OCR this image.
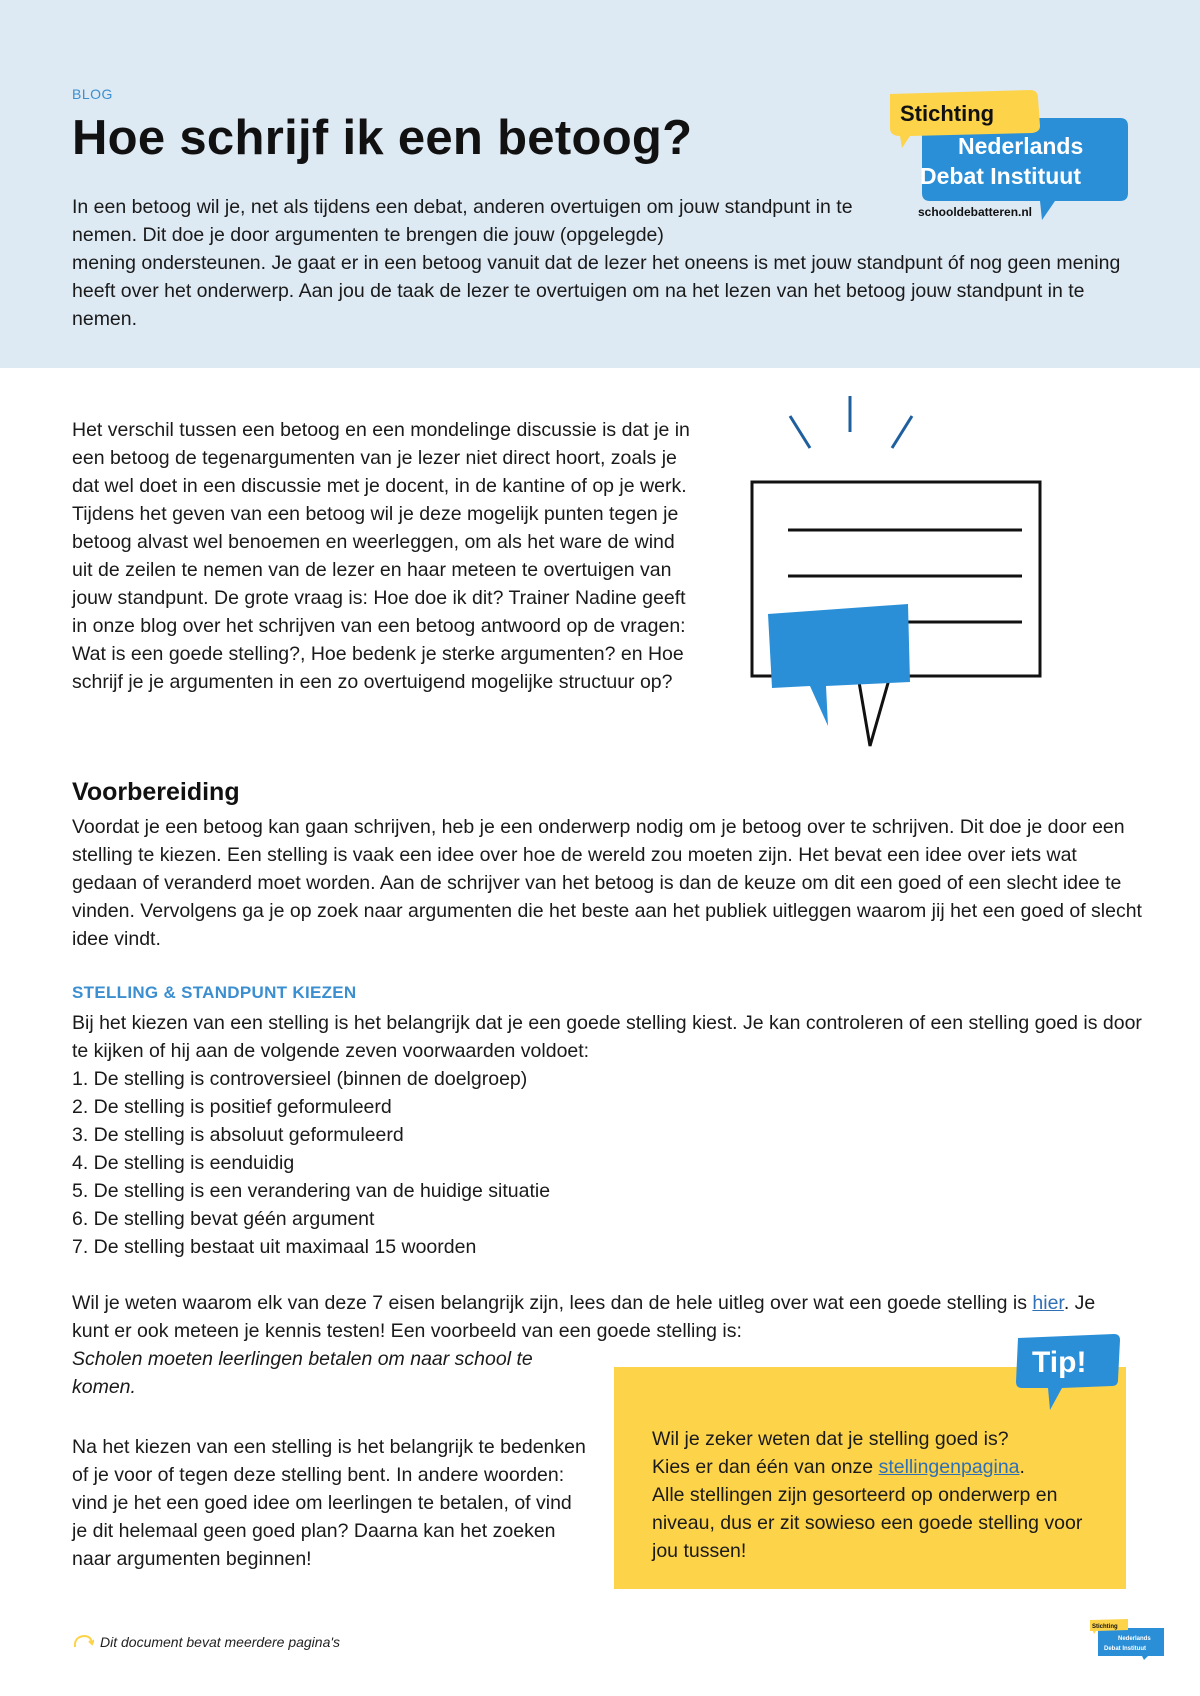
BLOG
Hoe schrijf ik een betoog?
In een betoog wil je, net als tijdens een debat, anderen overtuigen om jouw standpunt in te nemen. Dit doe je door argumenten te brengen die jouw (opgelegde)
mening ondersteunen. Je gaat er in een betoog vanuit dat de lezer het oneens is met jouw standpunt óf nog geen mening heeft over het onderwerp. Aan jou de taak de lezer te overtuigen om na het lezen van het betoog jouw standpunt in te nemen.
Stichting
Nederlands
Debat Instituut
schooldebatteren.nl

Het verschil tussen een betoog en een mondelinge discussie is dat je in een betoog de tegenargumenten van je lezer niet direct hoort, zoals je dat wel doet in een discussie met je docent, in de kantine of op je werk. Tijdens het geven van een betoog wil je deze mogelijk punten tegen je betoog alvast wel benoemen en weerleggen, om als het ware de wind uit de zeilen te nemen van de lezer en haar meteen te overtuigen van jouw standpunt. De grote vraag is: Hoe doe ik dit? Trainer Nadine geeft in onze blog over het schrijven van een betoog antwoord op de vragen: Wat is een goede stelling?, Hoe bedenk je sterke argumenten? en Hoe schrijf je je argumenten in een zo overtuigend mogelijke structuur op?

Voorbereiding

Voordat je een betoog kan gaan schrijven, heb je een onderwerp nodig om je betoog over te schrijven. Dit doe je door een stelling te kiezen. Een stelling is vaak een idee over hoe de wereld zou moeten zijn. Het bevat een idee over iets wat gedaan of veranderd moet worden. Aan de schrijver van het betoog is dan de keuze om dit een goed of een slecht idee te vinden. Vervolgens ga je op zoek naar argumenten die het beste aan het publiek uitleggen waarom jij het een goed of slecht idee vindt.

STELLING & STANDPUNT KIEZEN

Bij het kiezen van een stelling is het belangrijk dat je een goede stelling kiest. Je kan controleren of een stelling goed is door te kijken of hij aan de volgende zeven voorwaarden voldoet:

1. De stelling is controversieel (binnen de doelgroep)
2. De stelling is positief geformuleerd
3. De stelling is absoluut geformuleerd
4. De stelling is eenduidig
5. De stelling is een verandering van de huidige situatie
6. De stelling bevat géén argument
7. De stelling bestaat uit maximaal 15 woorden

Wil je weten waarom elk van deze 7 eisen belangrijk zijn, lees dan de hele uitleg over wat een goede stelling is hier. Je kunt er ook meteen je kennis testen! Een voorbeeld van een goede stelling is:
Scholen moeten leerlingen betalen om naar school te komen.

Na het kiezen van een stelling is het belangrijk te bedenken of je voor of tegen deze stelling bent. In andere woorden: vind je het een goed idee om leerlingen te betalen, of vind je dit helemaal geen goed plan? Daarna kan het zoeken naar argumenten beginnen!

Tip!
Wil je zeker weten dat je stelling goed is?
Kies er dan één van onze stellingenpagina.
Alle stellingen zijn gesorteerd op onderwerp en niveau, dus er zit sowieso een goede stelling voor jou tussen!
Dit document bevat meerdere pagina's
Stichting
Nederlands
Debat Instituut
